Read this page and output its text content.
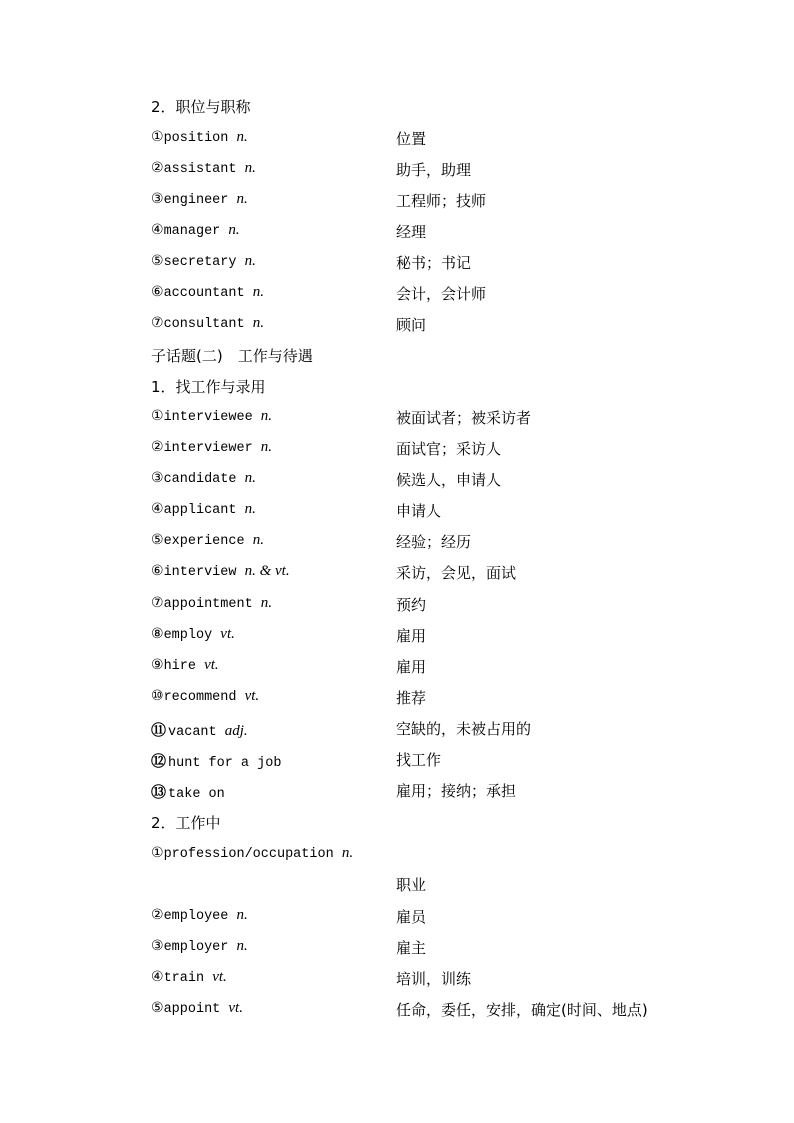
2．职位与职称
①position n.	位置
②assistant n.	助手，助理
③engineer n.	工程师；技师
④manager n.	经理
⑤secretary n.	秘书；书记
⑥accountant n.	会计，会计师
⑦consultant n.	顾问
子话题(二)　工作与待遇
1．找工作与录用
①interviewee n.	被面试者；被采访者
②interviewer n.	面试官；采访人
③candidate n.	候选人，申请人
④applicant n.	申请人
⑤experience n.	经验；经历
⑥interview n. & vt.	采访，会见，面试
⑦appointment n.	预约
⑧employ vt.	雇用
⑨hire vt.	雇用
⑩recommend vt.	推荐
⑪ vacant adj.	空缺的，未被占用的
⑫ hunt for a job	找工作
⑬ take on	雇用；接纳；承担
2．工作中
①profession/occupation n.
职业
②employee n.	雇员
③employer n.	雇主
④train vt.	培训，训练
⑤appoint vt.	任命，委任，安排，确定(时间、地点)
